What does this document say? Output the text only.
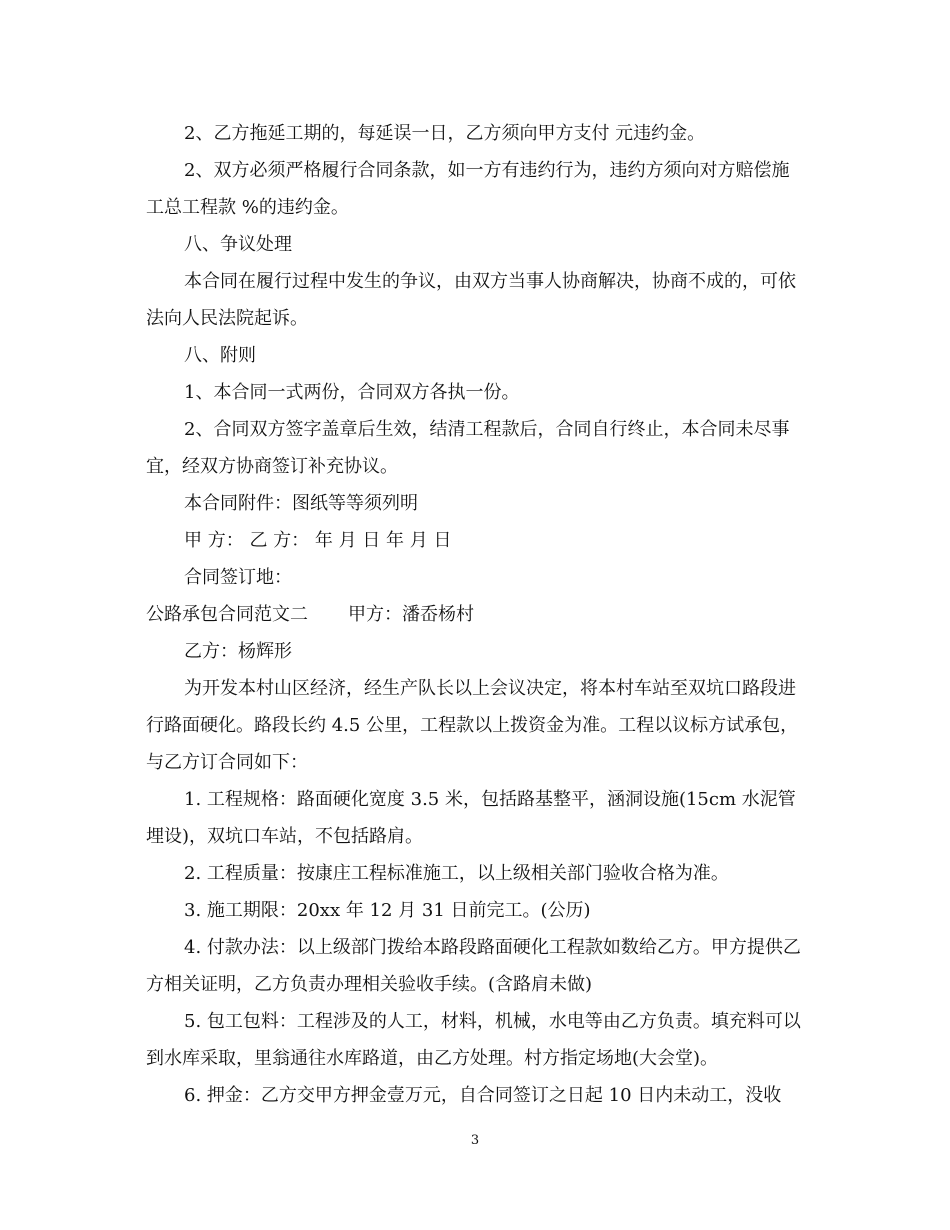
2、乙方拖延工期的，每延误一日，乙方须向甲方支付 元违约金。

2、双方必须严格履行合同条款，如一方有违约行为，违约方须向对方赔偿施工总工程款 %的违约金。

八、争议处理

本合同在履行过程中发生的争议，由双方当事人协商解决，协商不成的，可依法向人民法院起诉。

八、附则

1、本合同一式两份，合同双方各执一份。

2、合同双方签字盖章后生效，结清工程款后，合同自行终止，本合同未尽事宜，经双方协商签订补充协议。

本合同附件：图纸等等须列明

甲 方： 乙 方： 年 月 日 年 月 日

合同签订地：

公路承包合同范文二 甲方：潘岙杨村

乙方：杨辉形

为开发本村山区经济，经生产队长以上会议决定，将本村车站至双坑口路段进行路面硬化。路段长约 4.5 公里，工程款以上拨资金为准。工程以议标方试承包，与乙方订合同如下：

1. 工程规格：路面硬化宽度 3.5 米，包括路基整平，涵洞设施(15cm 水泥管埋设)，双坑口车站，不包括路肩。

2. 工程质量：按康庄工程标准施工，以上级相关部门验收合格为准。

3. 施工期限：20xx 年 12 月 31 日前完工。(公历)

4. 付款办法：以上级部门拨给本路段路面硬化工程款如数给乙方。甲方提供乙方相关证明，乙方负责办理相关验收手续。(含路肩未做)

5. 包工包料：工程涉及的人工，材料，机械，水电等由乙方负责。填充料可以到水库采取，里翁通往水库路道，由乙方处理。村方指定场地(大会堂)。

6. 押金：乙方交甲方押金壹万元，自合同签订之日起 10 日内未动工，没收

3
